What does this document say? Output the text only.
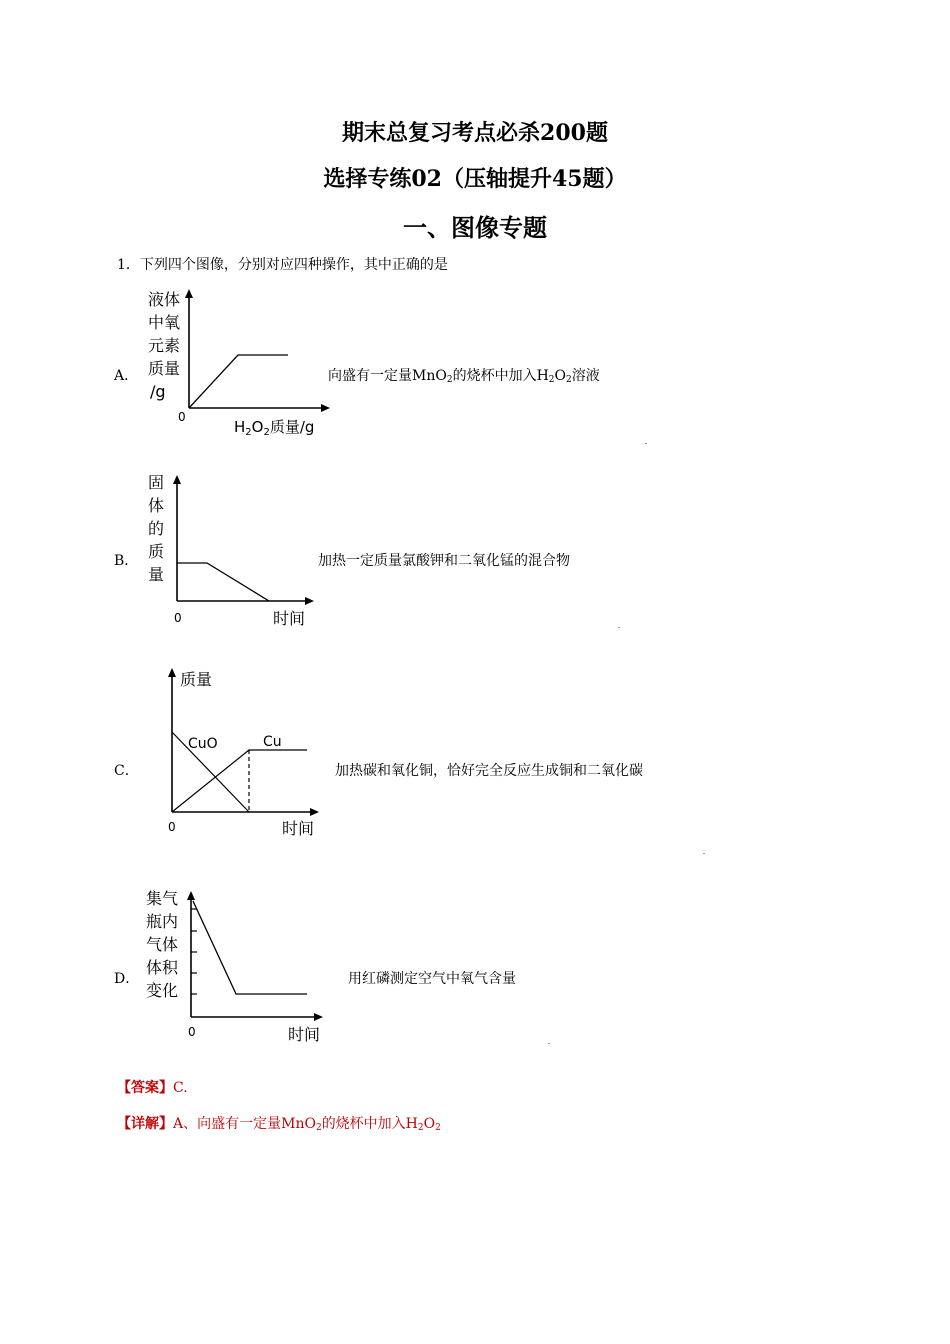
期末总复习考点必杀200题
选择专练02（压轴提升45题）
一、图像专题
1．下列四个图像，分别对应四种操作，其中正确的是
A．
液体
中氧
元素
质量
/g
0
$H_2O_2$质量/g
向盛有一定量MnO$_2$的烧杯中加入$H_2O_2$溶液
B．
固
体
的
质
量
0	时间
加热一定质量氯酸钾和二氧化锰的混合物
C．
质量
CuO	Cu
0	时间
加热碳和氧化铜，恰好完全反应生成铜和二氧化碳
D．
集气
瓶内
气体
体积
变化
0	时间
用红磷测定空气中氧气含量
【答案】C.
【详解】A、向盛有一定量MnO$_2$的烧杯中加入$H_2O_2$
